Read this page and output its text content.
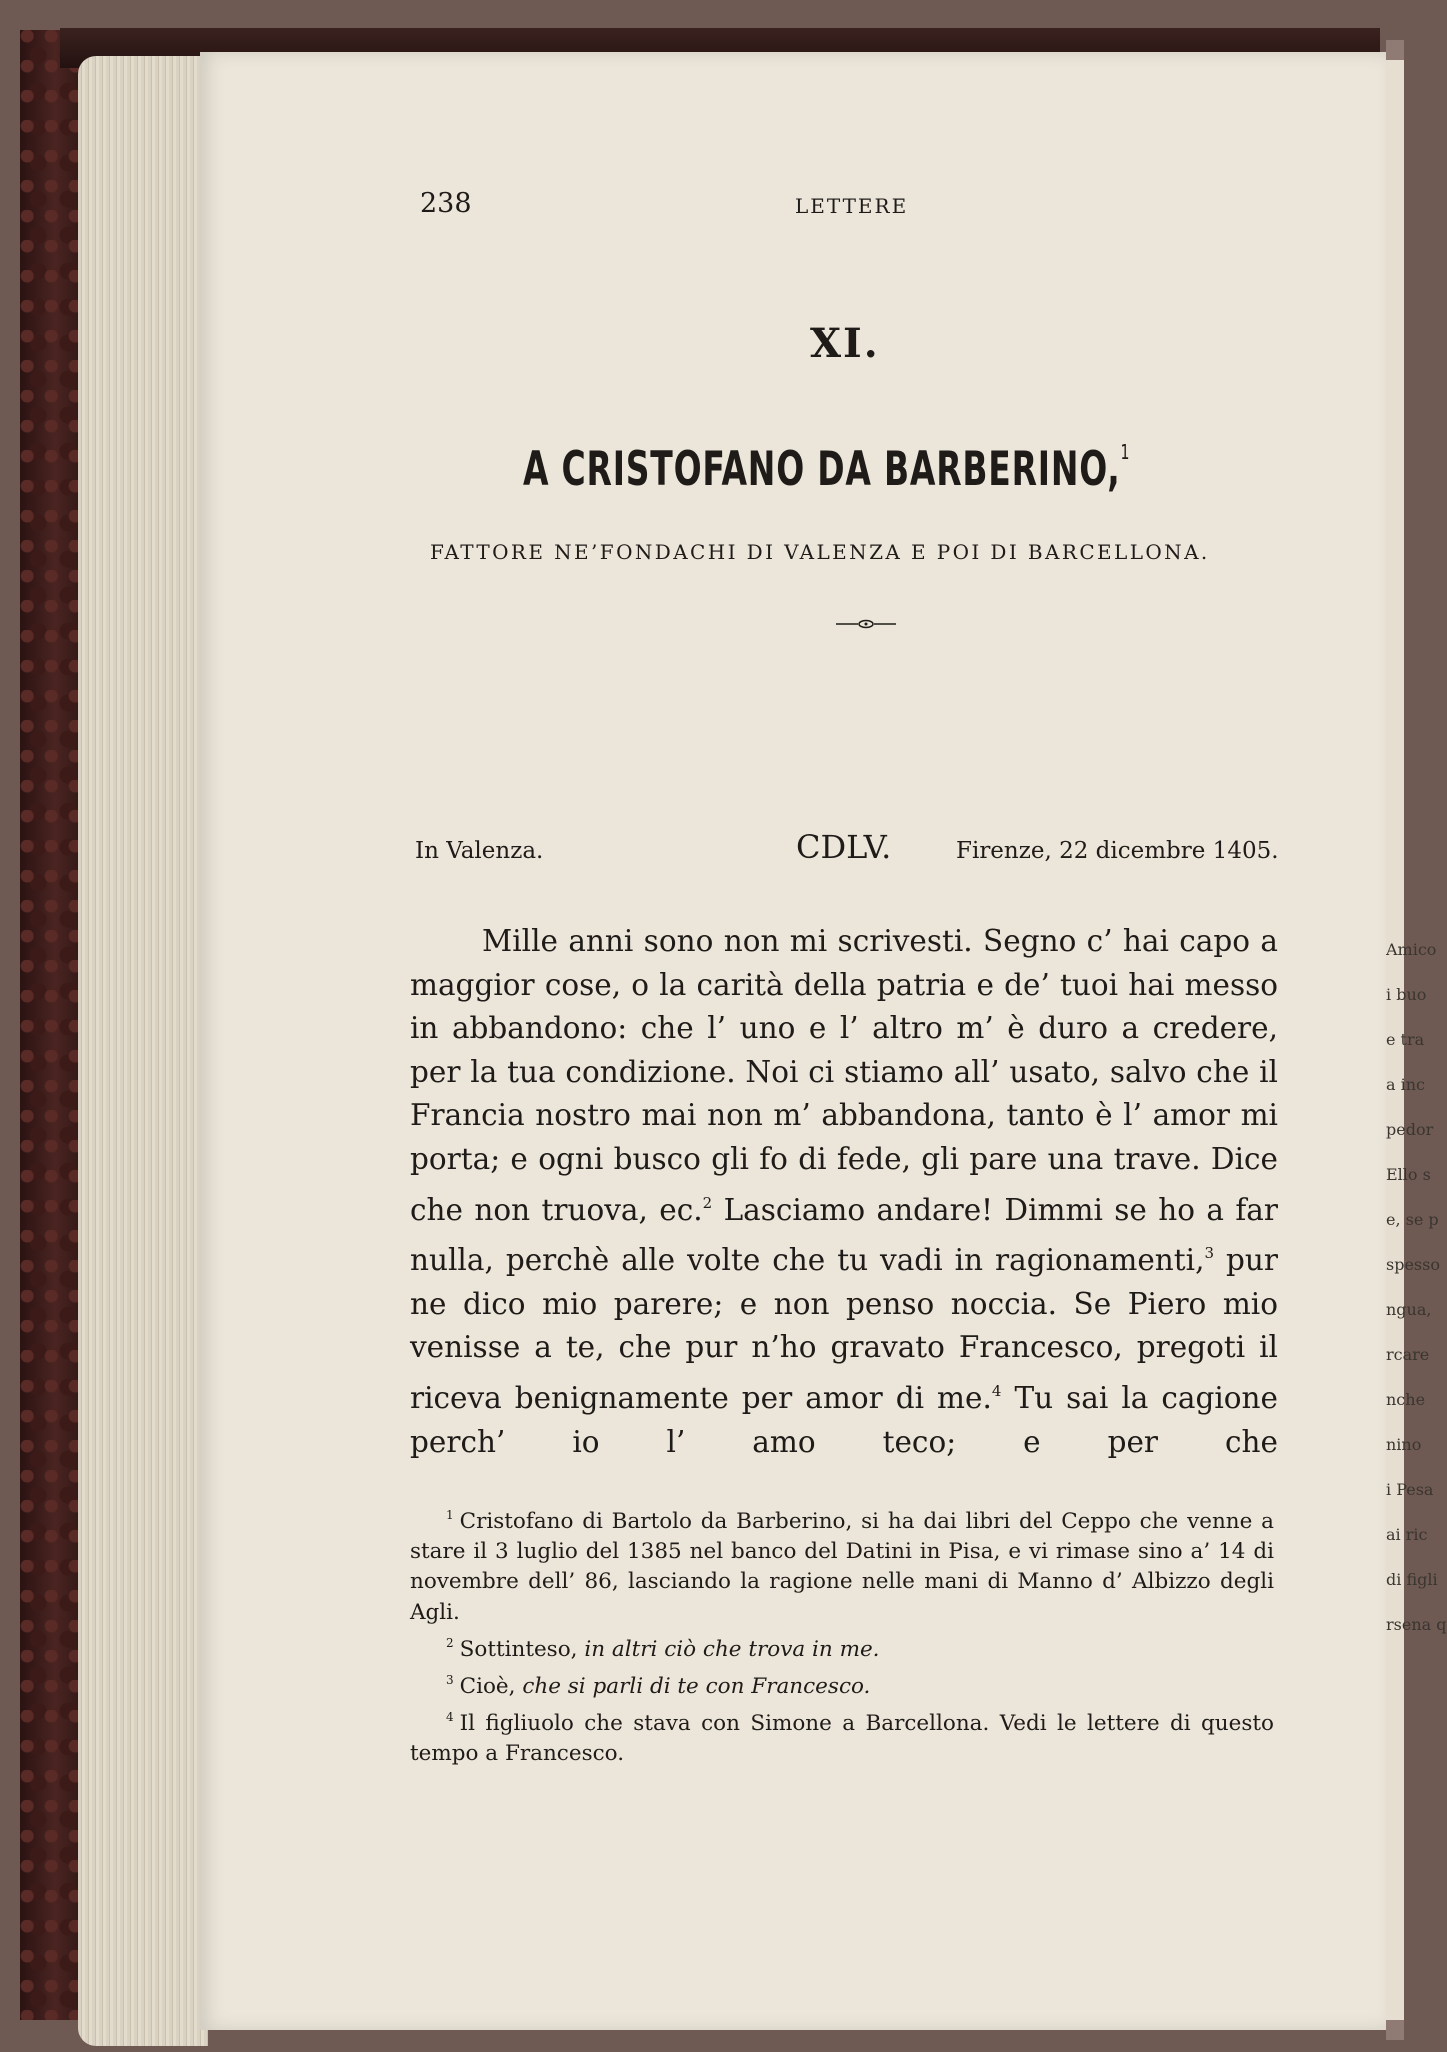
Amico
i buo
e tra
a inc
pedor
Ello s
e, se p
spesso
ngua,
rcare
nche
nino
i Pesa
ai ric
di figli
rsena q
238	LETTERE
XI.
A CRISTOFANO DA BARBERINO,$^1$
FATTORE NE’FONDACHI DI VALENZA E POI DI BARCELLONA.
In Valenza.	CDLV.	Firenze, 22 dicembre 1405.

Mille anni sono non mi scrivesti. Segno c’ hai capo a maggior cose, o la carità della patria e de’ tuoi hai messo in abbandono: che l’ uno e l’ altro m’ è duro a credere, per la tua condizione. Noi ci stiamo all’ usato, salvo che il Francia nostro mai non m’ abbandona, tanto è l’ amor mi porta; e ogni busco gli fo di fede, gli pare una trave. Dice che non truova, ec.$^2$ Lasciamo andare! Dimmi se ho a far nulla, perchè alle volte che tu vadi in ragionamenti,$^3$ pur ne dico mio parere; e non penso noccia. Se Piero mio venisse a te, che pur n’ho gravato Francesco, pregoti il riceva benignamente per amor di me.$^4$ Tu sai la cagione perch’ io l’ amo teco; e per che

$^1$ Cristofano di Bartolo da Barberino, si ha dai libri del Ceppo che venne a stare il 3 luglio del 1385 nel banco del Datini in Pisa, e vi rimase sino a’ 14 di novembre dell’ 86, lasciando la ragione nelle mani di Manno d’ Albizzo degli Agli.

$^2$ Sottinteso, in altri ciò che trova in me.

$^3$ Cioè, che si parli di te con Francesco.

$^4$ Il figliuolo che stava con Simone a Barcellona. Vedi le lettere di questo tempo a Francesco.
